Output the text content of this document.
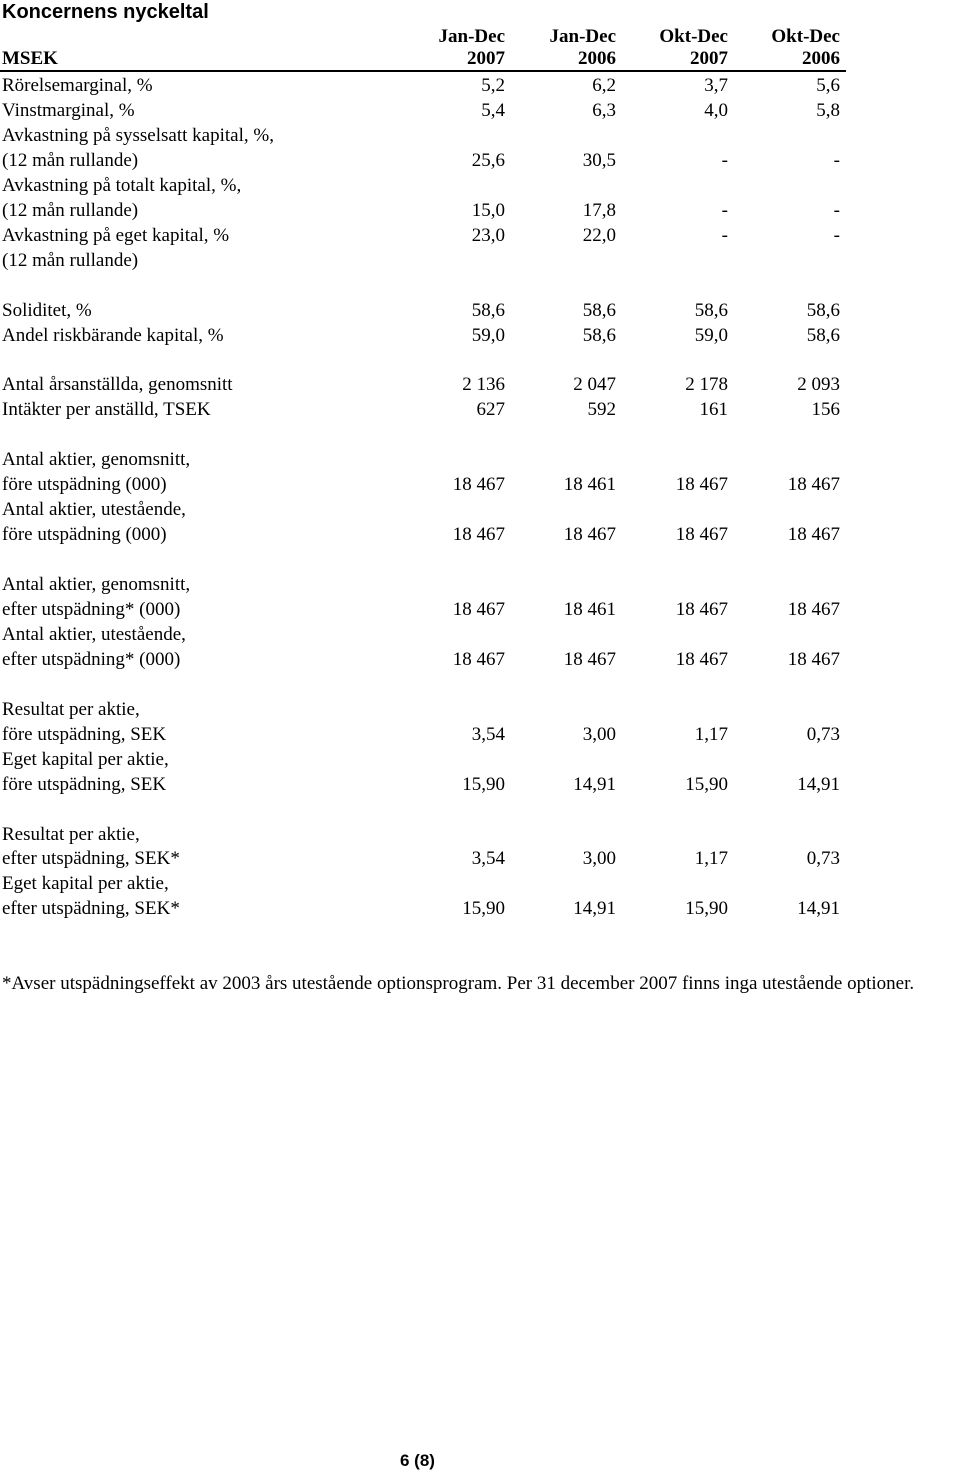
Koncernens nyckeltal
Jan-Dec	Jan-Dec	Okt-Dec	Okt-Dec
MSEK	2007	2006	2007	2006
Rörelsemarginal, %	5,2	6,2	3,7	5,6
Vinstmarginal, %	5,4	6,3	4,0	5,8
Avkastning på sysselsatt kapital, %,
(12 mån rullande)	25,6	30,5	-	-
Avkastning på totalt kapital, %,
(12 mån rullande)	15,0	17,8	-	-
Avkastning på eget kapital, %	23,0	22,0	-	-
(12 mån rullande)
Soliditet, %	58,6	58,6	58,6	58,6
Andel riskbärande kapital, %	59,0	58,6	59,0	58,6
Antal årsanställda, genomsnitt	2 136	2 047	2 178	2 093
Intäkter per anställd, TSEK	627	592	161	156
Antal aktier, genomsnitt,
före utspädning (000)	18 467	18 461	18 467	18 467
Antal aktier, utestående,
före utspädning (000)	18 467	18 467	18 467	18 467
Antal aktier, genomsnitt,
efter utspädning* (000)	18 467	18 461	18 467	18 467
Antal aktier, utestående,
efter utspädning* (000)	18 467	18 467	18 467	18 467
Resultat per aktie,
före utspädning, SEK	3,54	3,00	1,17	0,73
Eget kapital per aktie,
före utspädning, SEK	15,90	14,91	15,90	14,91
Resultat per aktie,
efter utspädning, SEK*	3,54	3,00	1,17	0,73
Eget kapital per aktie,
efter utspädning, SEK*	15,90	14,91	15,90	14,91
*Avser utspädningseffekt av 2003 års utestående optionsprogram. Per 31 december 2007 finns inga utestående optioner.
6 (8)
